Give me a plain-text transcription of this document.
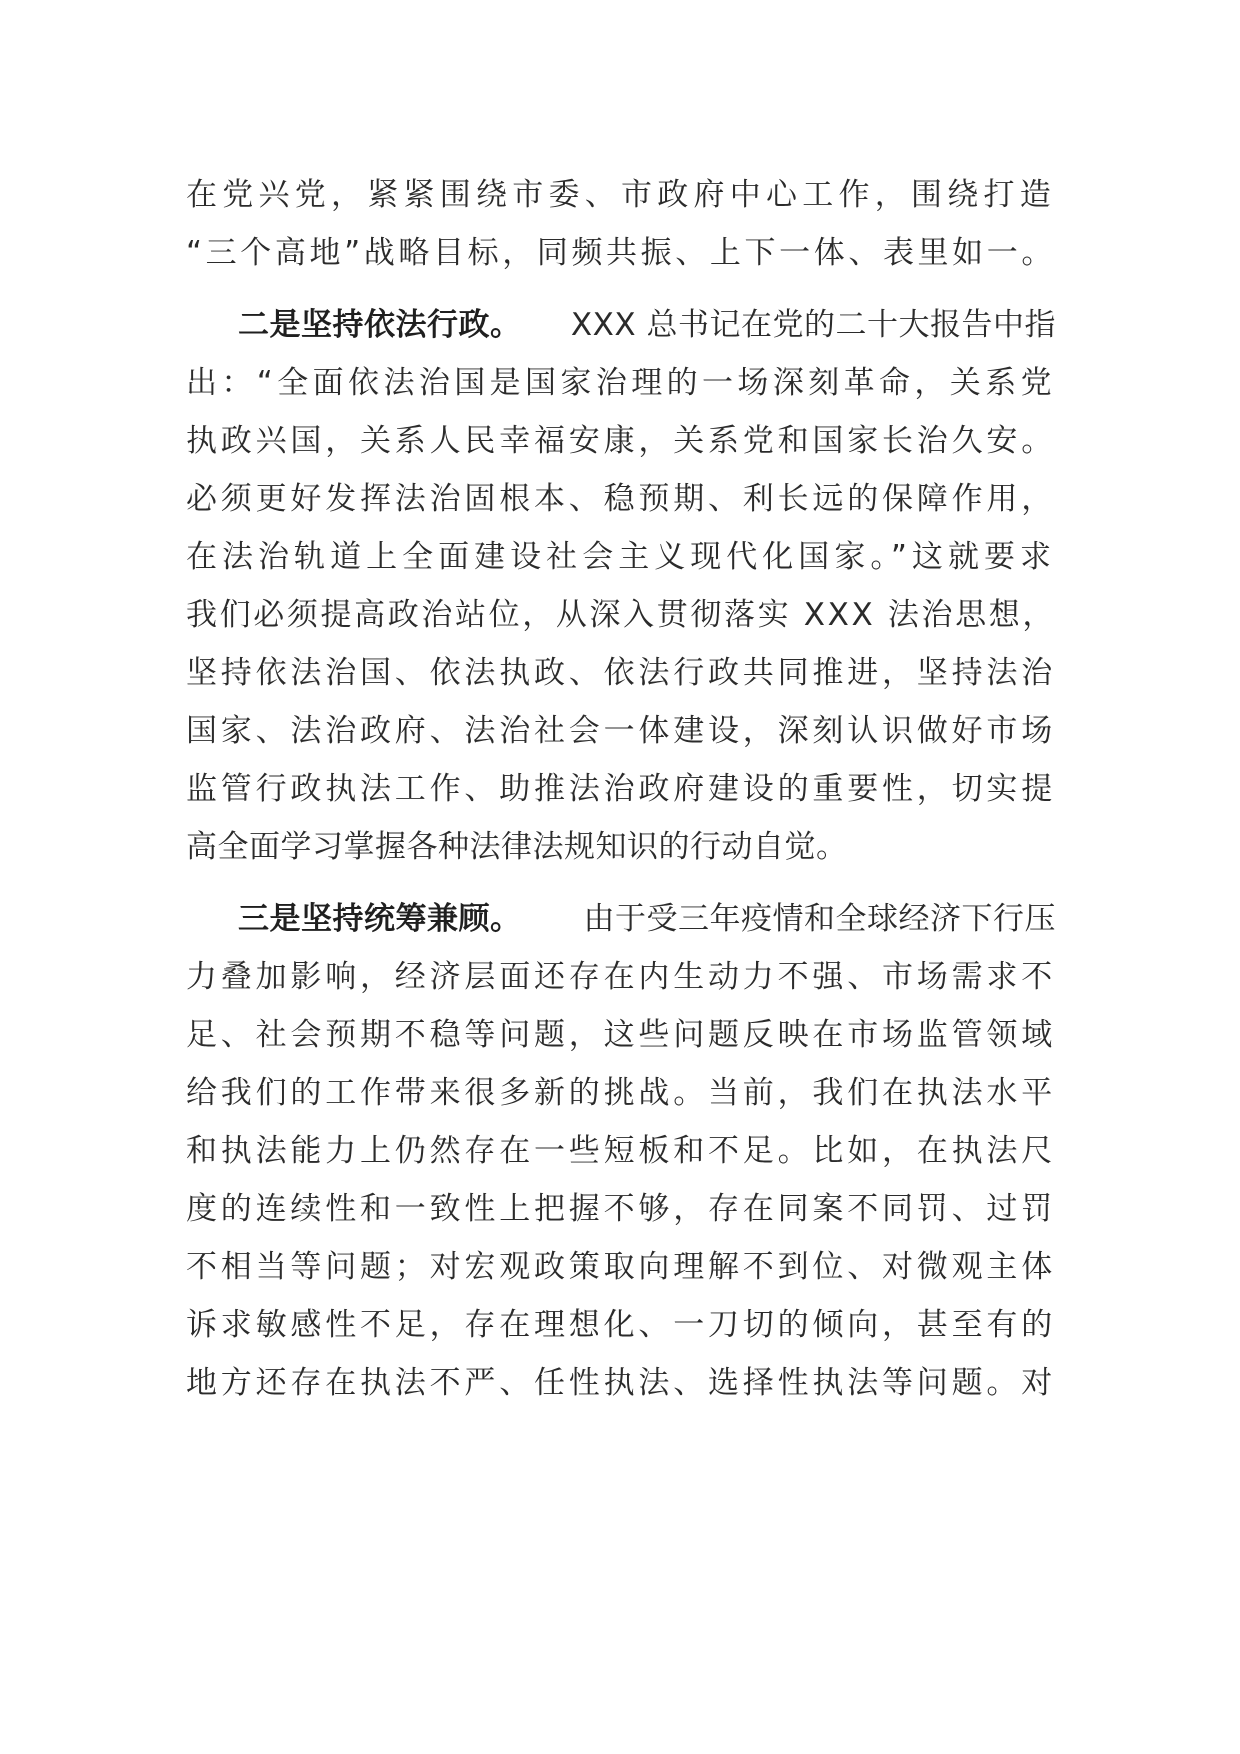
在党兴党，紧紧围绕市委、市政府中心工作，围绕打造
“三个高地”战略目标，同频共振、上下一体、表里如一。
二是坚持依法行政。 XXX 总书记在党的二十大报告中指
出：“全面依法治国是国家治理的一场深刻革命，关系党
执政兴国，关系人民幸福安康，关系党和国家长治久安。
必须更好发挥法治固根本、稳预期、利长远的保障作用，
在法治轨道上全面建设社会主义现代化国家。”这就要求
我们必须提高政治站位，从深入贯彻落实 XXX 法治思想，
坚持依法治国、依法执政、依法行政共同推进，坚持法治
国家、法治政府、法治社会一体建设，深刻认识做好市场
监管行政执法工作、助推法治政府建设的重要性，切实提
高全面学习掌握各种法律法规知识的行动自觉。
三是坚持统筹兼顾。 由于受三年疫情和全球经济下行压
力叠加影响，经济层面还存在内生动力不强、市场需求不
足、社会预期不稳等问题，这些问题反映在市场监管领域
给我们的工作带来很多新的挑战。当前，我们在执法水平
和执法能力上仍然存在一些短板和不足。比如，在执法尺
度的连续性和一致性上把握不够，存在同案不同罚、过罚
不相当等问题；对宏观政策取向理解不到位、对微观主体
诉求敏感性不足，存在理想化、一刀切的倾向，甚至有的
地方还存在执法不严、任性执法、选择性执法等问题。对
